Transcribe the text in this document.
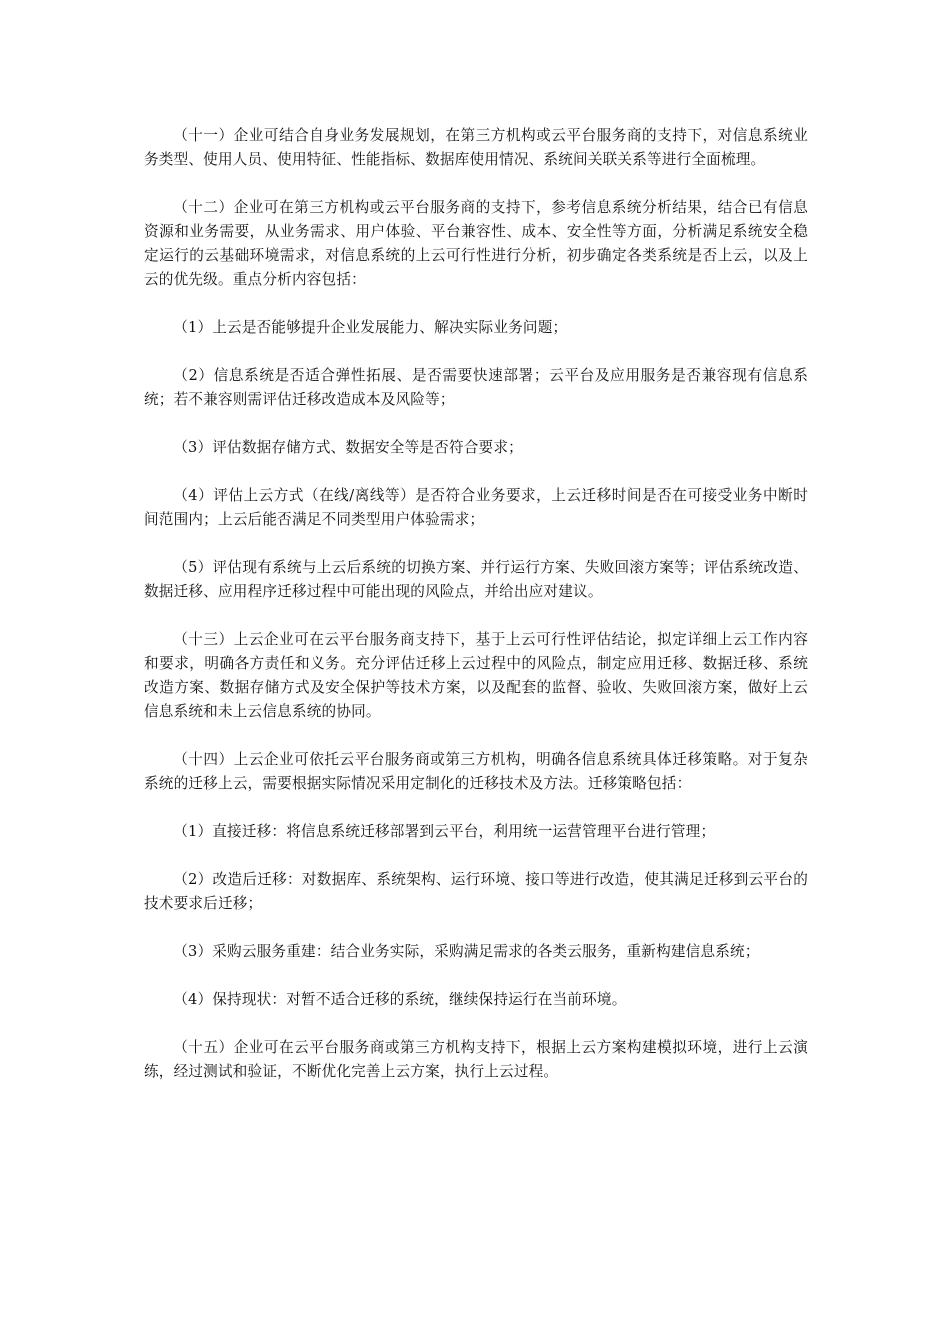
（十一）企业可结合自身业务发展规划，在第三方机构或云平台服务商的支持下，对信息系统业务类型、使用人员、使用特征、性能指标、数据库使用情况、系统间关联关系等进行全面梳理。

（十二）企业可在第三方机构或云平台服务商的支持下，参考信息系统分析结果，结合已有信息资源和业务需要，从业务需求、用户体验、平台兼容性、成本、安全性等方面，分析满足系统安全稳定运行的云基础环境需求，对信息系统的上云可行性进行分析，初步确定各类系统是否上云，以及上云的优先级。重点分析内容包括：

（1）上云是否能够提升企业发展能力、解决实际业务问题；

（2）信息系统是否适合弹性拓展、是否需要快速部署；云平台及应用服务是否兼容现有信息系统；若不兼容则需评估迁移改造成本及风险等；

（3）评估数据存储方式、数据安全等是否符合要求；

（4）评估上云方式（在线/离线等）是否符合业务要求，上云迁移时间是否在可接受业务中断时间范围内；上云后能否满足不同类型用户体验需求；

（5）评估现有系统与上云后系统的切换方案、并行运行方案、失败回滚方案等；评估系统改造、数据迁移、应用程序迁移过程中可能出现的风险点，并给出应对建议。

（十三）上云企业可在云平台服务商支持下，基于上云可行性评估结论，拟定详细上云工作内容和要求，明确各方责任和义务。充分评估迁移上云过程中的风险点，制定应用迁移、数据迁移、系统改造方案、数据存储方式及安全保护等技术方案，以及配套的监督、验收、失败回滚方案，做好上云信息系统和未上云信息系统的协同。

（十四）上云企业可依托云平台服务商或第三方机构，明确各信息系统具体迁移策略。对于复杂系统的迁移上云，需要根据实际情况采用定制化的迁移技术及方法。迁移策略包括：

（1）直接迁移：将信息系统迁移部署到云平台，利用统一运营管理平台进行管理；

（2）改造后迁移：对数据库、系统架构、运行环境、接口等进行改造，使其满足迁移到云平台的技术要求后迁移；

（3）采购云服务重建：结合业务实际，采购满足需求的各类云服务，重新构建信息系统；

（4）保持现状：对暂不适合迁移的系统，继续保持运行在当前环境。

（十五）企业可在云平台服务商或第三方机构支持下，根据上云方案构建模拟环境，进行上云演练，经过测试和验证，不断优化完善上云方案，执行上云过程。
